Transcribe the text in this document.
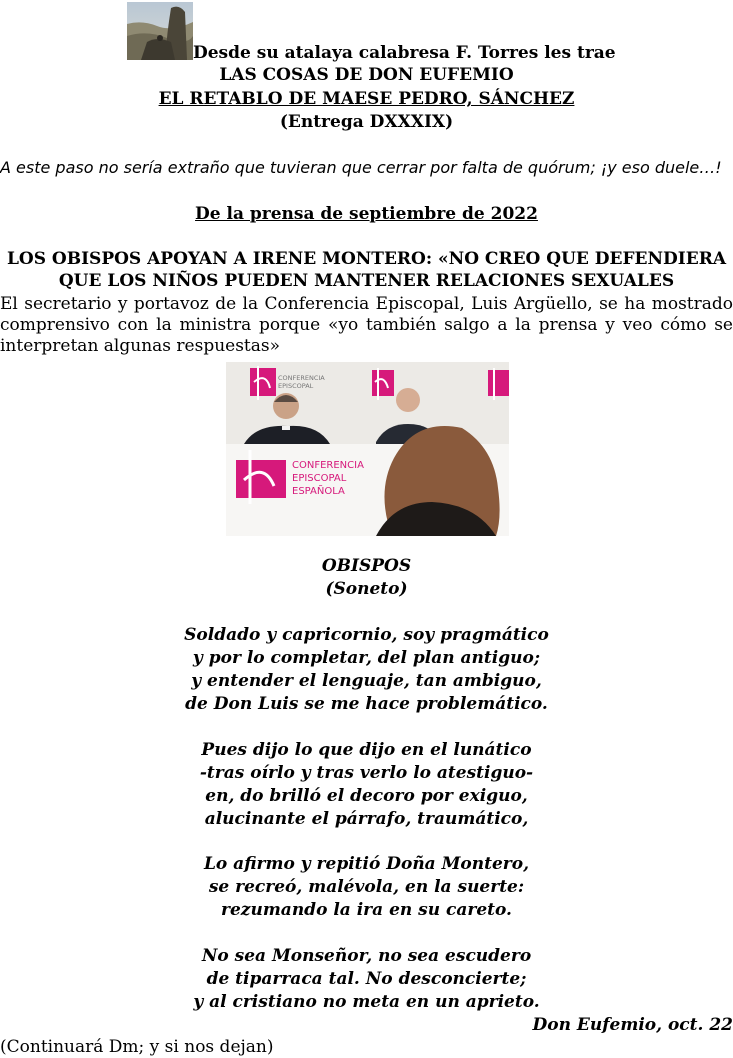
Desde su atalaya calabresa F. Torres les trae
LAS COSAS DE DON EUFEMIO
EL RETABLO DE MAESE PEDRO, SÁNCHEZ
(Entrega DXXXIX)
A este paso no sería extraño que tuvieran que cerrar por falta de quórum; ¡y eso duele…!
De la prensa de septiembre de 2022
LOS OBISPOS APOYAN A IRENE MONTERO: «NO CREO QUE DEFENDIERA QUE LOS NIÑOS PUEDEN MANTENER RELACIONES SEXUALES
El secretario y portavoz de la Conferencia Episcopal, Luis Argüello, se ha mostrado comprensivo con la ministra porque «yo también salgo a la prensa y veo cómo se interpretan algunas respuestas»
CONFERENCIA
EPISCOPAL
CONFERENCIA
EPISCOPAL
ESPAÑOLA
OBISPOS
(Soneto)
Soldado y capricornio, soy pragmático
y por lo completar, del plan antiguo;
y entender el lenguaje, tan ambiguo,
de Don Luis se me hace problemático.
Pues dijo lo que dijo en el lunático
-tras oírlo y tras verlo lo atestiguo-
en, do brilló el decoro por exiguo,
alucinante el párrafo, traumático,
Lo afirmo y repitió Doña Montero,
se recreó, malévola, en la suerte:
rezumando la ira en su careto.
No sea Monseñor, no sea escudero
de tiparraca tal. No desconcierte;
y al cristiano no meta en un aprieto.
Don Eufemio, oct. 22
(Continuará Dm; y si nos dejan)
